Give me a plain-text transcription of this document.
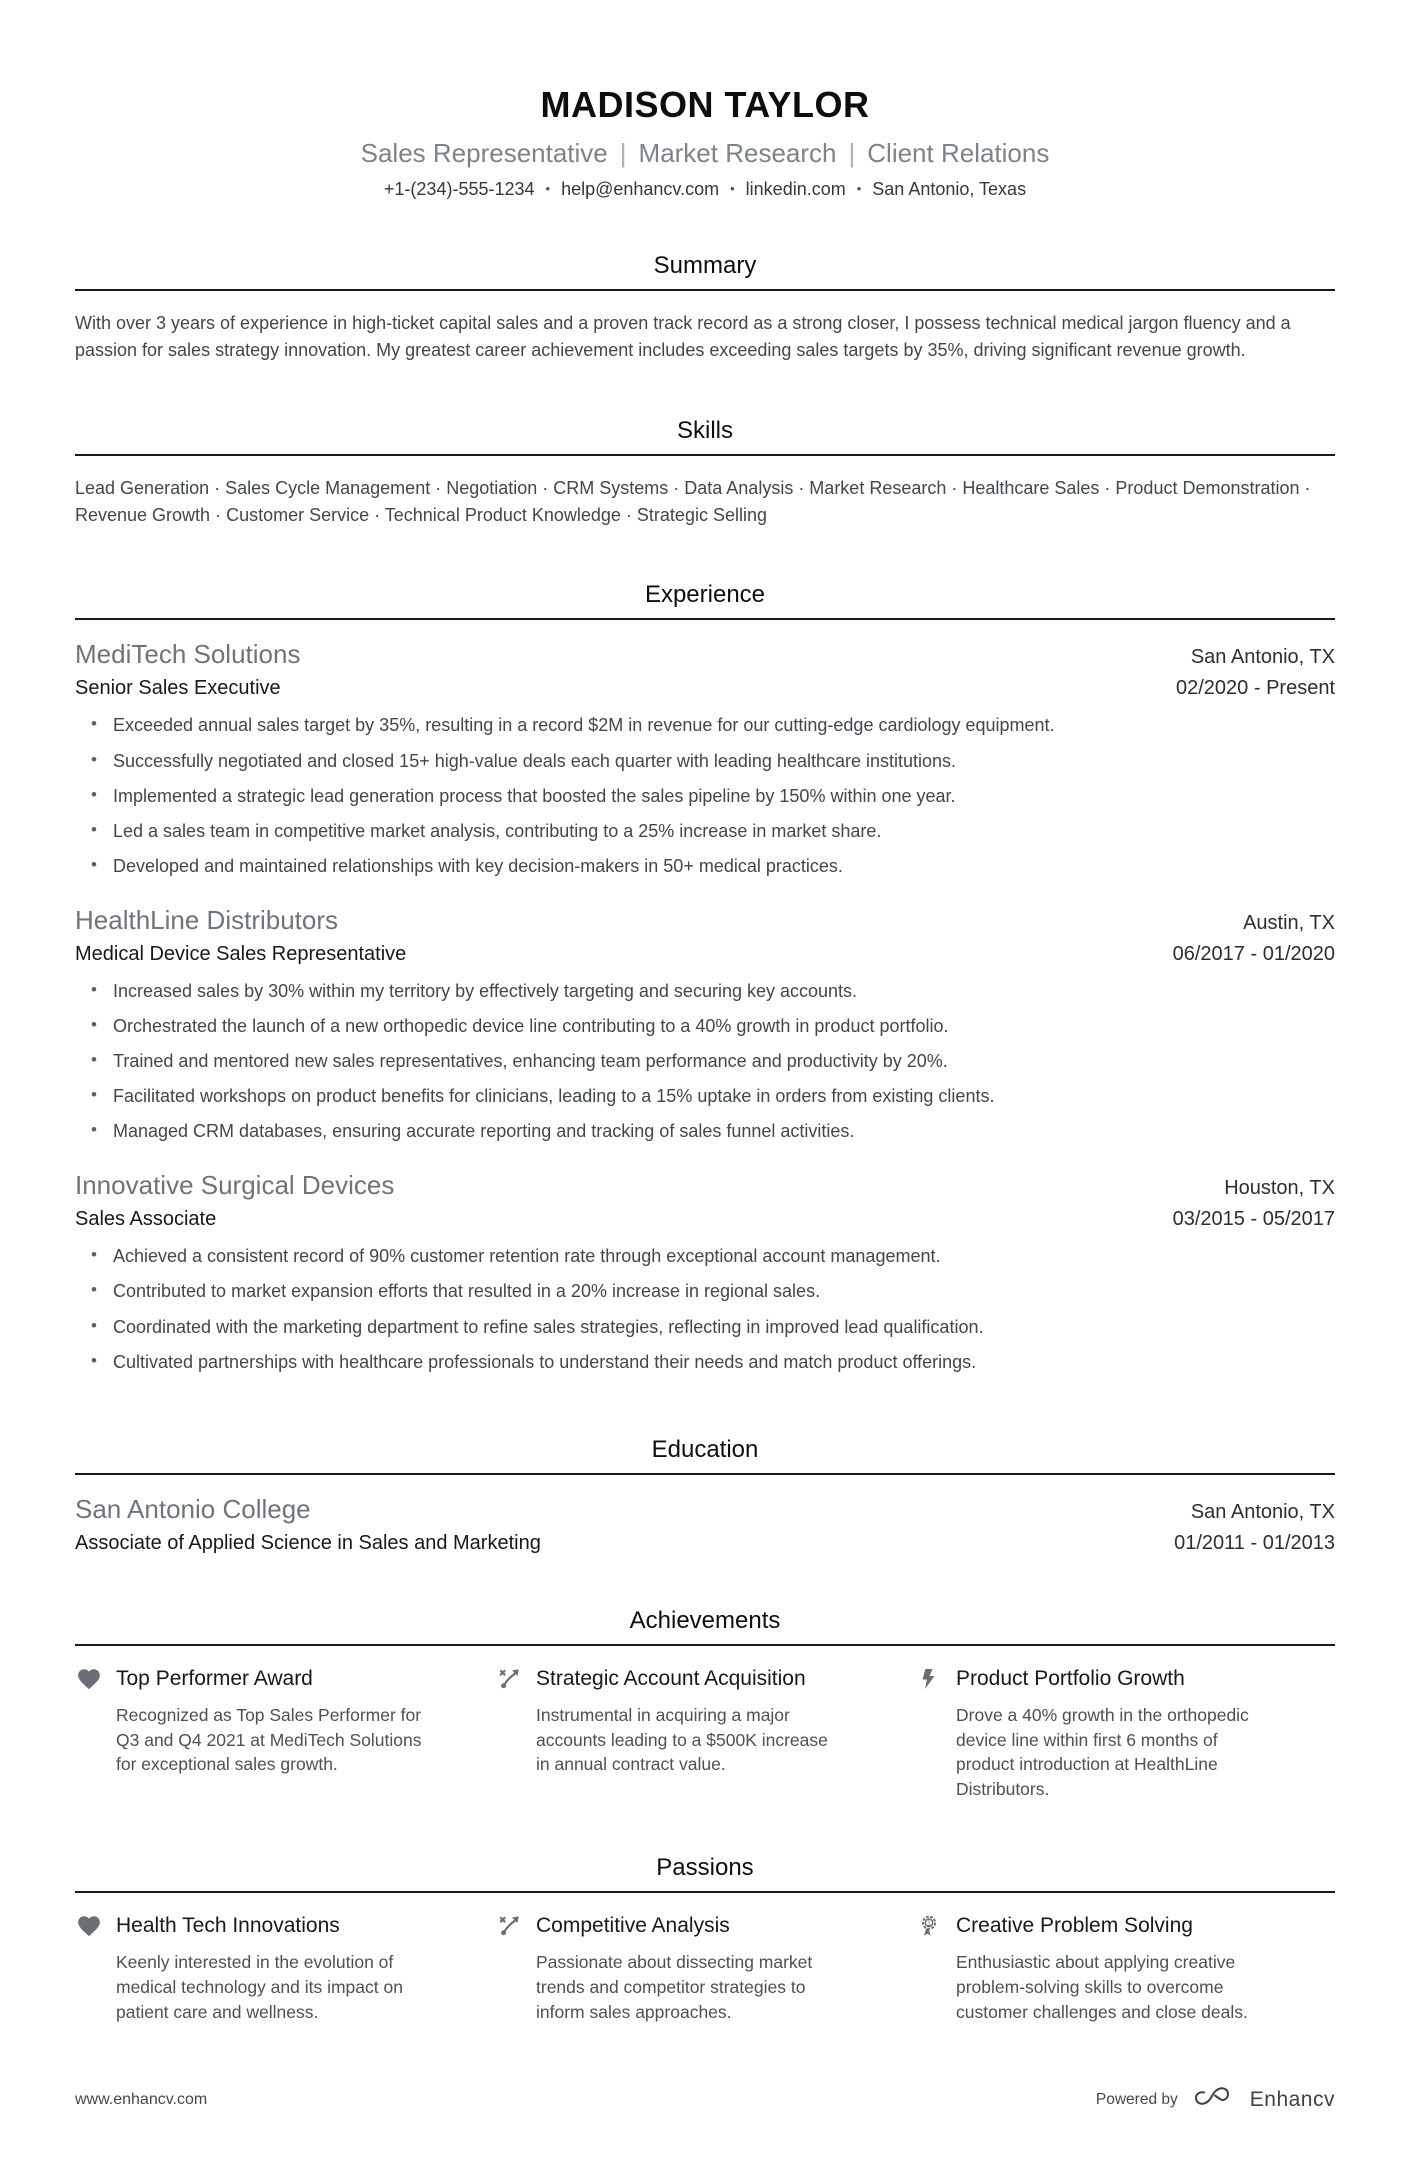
MADISON TAYLOR
Sales Representative | Market Research | Client Relations
+1-(234)-555-1234 • help@enhancv.com • linkedin.com • San Antonio, Texas
Summary

With over 3 years of experience in high-ticket capital sales and a proven track record as a strong closer, I possess technical medical jargon fluency and a passion for sales strategy innovation. My greatest career achievement includes exceeding sales targets by 35%, driving significant revenue growth.

Skills

Lead Generation · Sales Cycle Management · Negotiation · CRM Systems · Data Analysis · Market Research · Healthcare Sales · Product Demonstration · Revenue Growth · Customer Service · Technical Product Knowledge · Strategic Selling

Experience
MediTech Solutions	San Antonio, TX
Senior Sales Executive	02/2020 - Present
• Exceeded annual sales target by 35%, resulting in a record $2M in revenue for our cutting-edge cardiology equipment.
• Successfully negotiated and closed 15+ high-value deals each quarter with leading healthcare institutions.
• Implemented a strategic lead generation process that boosted the sales pipeline by 150% within one year.
• Led a sales team in competitive market analysis, contributing to a 25% increase in market share.
• Developed and maintained relationships with key decision-makers in 50+ medical practices.
HealthLine Distributors	Austin, TX
Medical Device Sales Representative	06/2017 - 01/2020
• Increased sales by 30% within my territory by effectively targeting and securing key accounts.
• Orchestrated the launch of a new orthopedic device line contributing to a 40% growth in product portfolio.
• Trained and mentored new sales representatives, enhancing team performance and productivity by 20%.
• Facilitated workshops on product benefits for clinicians, leading to a 15% uptake in orders from existing clients.
• Managed CRM databases, ensuring accurate reporting and tracking of sales funnel activities.
Innovative Surgical Devices	Houston, TX
Sales Associate	03/2015 - 05/2017
• Achieved a consistent record of 90% customer retention rate through exceptional account management.
• Contributed to market expansion efforts that resulted in a 20% increase in regional sales.
• Coordinated with the marketing department to refine sales strategies, reflecting in improved lead qualification.
• Cultivated partnerships with healthcare professionals to understand their needs and match product offerings.
Education
San Antonio College	San Antonio, TX
Associate of Applied Science in Sales and Marketing	01/2011 - 01/2013
Achievements
Top Performer Award

Recognized as Top Sales Performer for Q3 and Q4 2021 at MediTech Solutions for exceptional sales growth.

Strategic Account Acquisition

Instrumental in acquiring a major accounts leading to a $500K increase in annual contract value.

Product Portfolio Growth

Drove a 40% growth in the orthopedic device line within first 6 months of product introduction at HealthLine Distributors.

Passions
Health Tech Innovations

Keenly interested in the evolution of medical technology and its impact on patient care and wellness.

Competitive Analysis

Passionate about dissecting market trends and competitor strategies to inform sales approaches.

1 Creative Problem Solving

Enthusiastic about applying creative problem-solving skills to overcome customer challenges and close deals.

www.enhancv.com	Powered by	Enhancv
